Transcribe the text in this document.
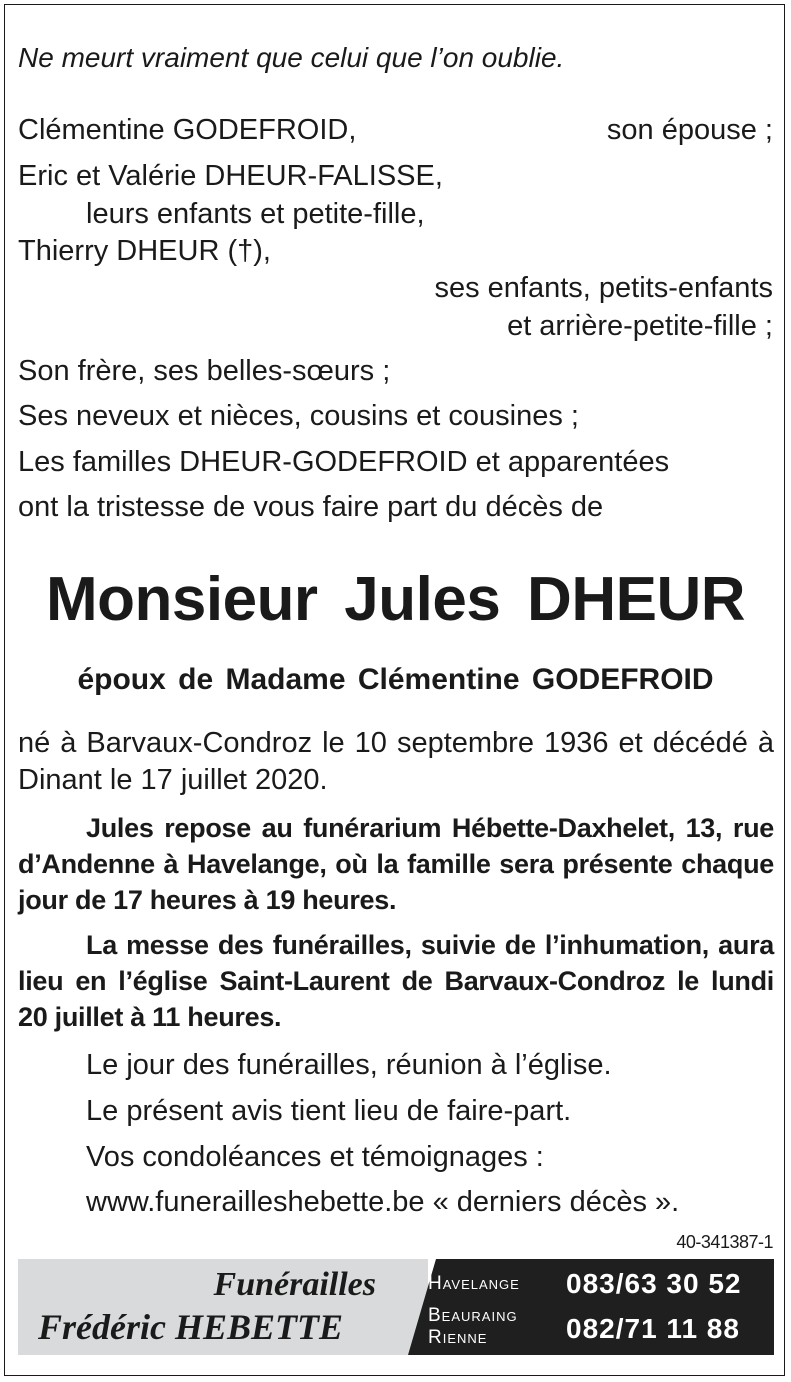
Ne meurt vraiment que celui que l’on oublie.
Clémentine GODEFROID,	son épouse ;
Eric et Valérie DHEUR-FALISSE,
leurs enfants et petite-fille,
Thierry DHEUR (†),
ses enfants, petits-enfants
et arrière-petite-fille ;
Son frère, ses belles-sœurs ;
Ses neveux et nièces, cousins et cousines ;
Les familles DHEUR-GODEFROID et apparentées
ont la tristesse de vous faire part du décès de
Monsieur Jules DHEUR
époux de Madame Clémentine GODEFROID
né à Barvaux-Condroz le 10 septembre 1936 et décédé à Dinant le 17 juillet 2020.
Jules repose au funérarium Hébette-Daxhelet, 13, rue d’Andenne à Havelange, où la famille sera présente chaque jour de 17 heures à 19 heures.
La messe des funérailles, suivie de l’inhumation, aura lieu en l’église Saint-Laurent de Barvaux-Condroz le lundi 20 juillet à 11 heures.
Le jour des funérailles, réunion à l’église.
Le présent avis tient lieu de faire-part.
Vos condoléances et témoignages :
www.funerailleshebette.be « derniers décès ».
40-341387-1
Funérailles
Frédéric HEBETTE
Havelange 083/63 30 52
Beauraing
Rienne	082/71 11 88
